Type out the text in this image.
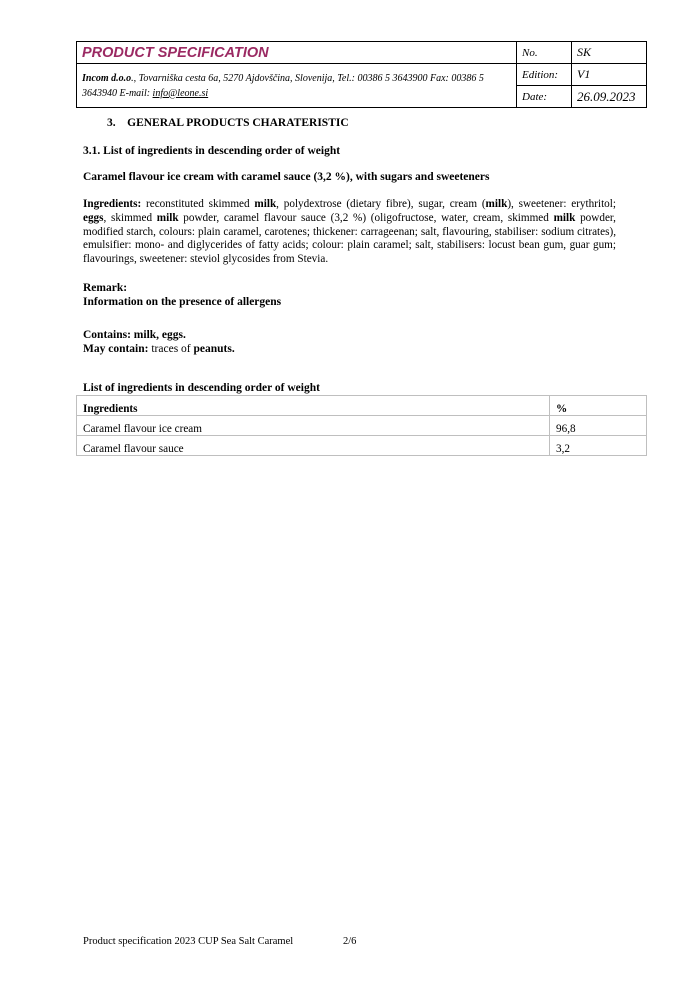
PRODUCT SPECIFICATION	No.	SK
Incom d.o.o., Tovarniška cesta 6a, 5270 Ajdovščina, Slovenija, Tel.: 00386 5 3643900 Fax: 00386 5 3643940 E-mail: info@leone.si	Edition:	V1
	Date:	26.09.2023
3. GENERAL PRODUCTS CHARATERISTIC
3.1. List of ingredients in descending order of weight
Caramel flavour ice cream with caramel sauce (3,2 %), with sugars and sweeteners
Ingredients: reconstituted skimmed milk, polydextrose (dietary fibre), sugar, cream (milk), sweetener: erythritol; eggs, skimmed milk powder, caramel flavour sauce (3,2 %) (oligofructose, water, cream, skimmed milk powder, modified starch, colours: plain caramel, carotenes; thickener: carrageenan; salt, flavouring, stabiliser: sodium citrates), emulsifier: mono- and diglycerides of fatty acids; colour: plain caramel; salt, stabilisers: locust bean gum, guar gum; flavourings, sweetener: steviol glycosides from Stevia.
Remark:
Information on the presence of allergens
Contains: milk, eggs.
May contain: traces of peanuts.
List of ingredients in descending order of weight
Ingredients	%
Caramel flavour ice cream	96,8
Caramel flavour sauce	3,2
Product specification 2023 CUP Sea Salt Caramel	2/6
